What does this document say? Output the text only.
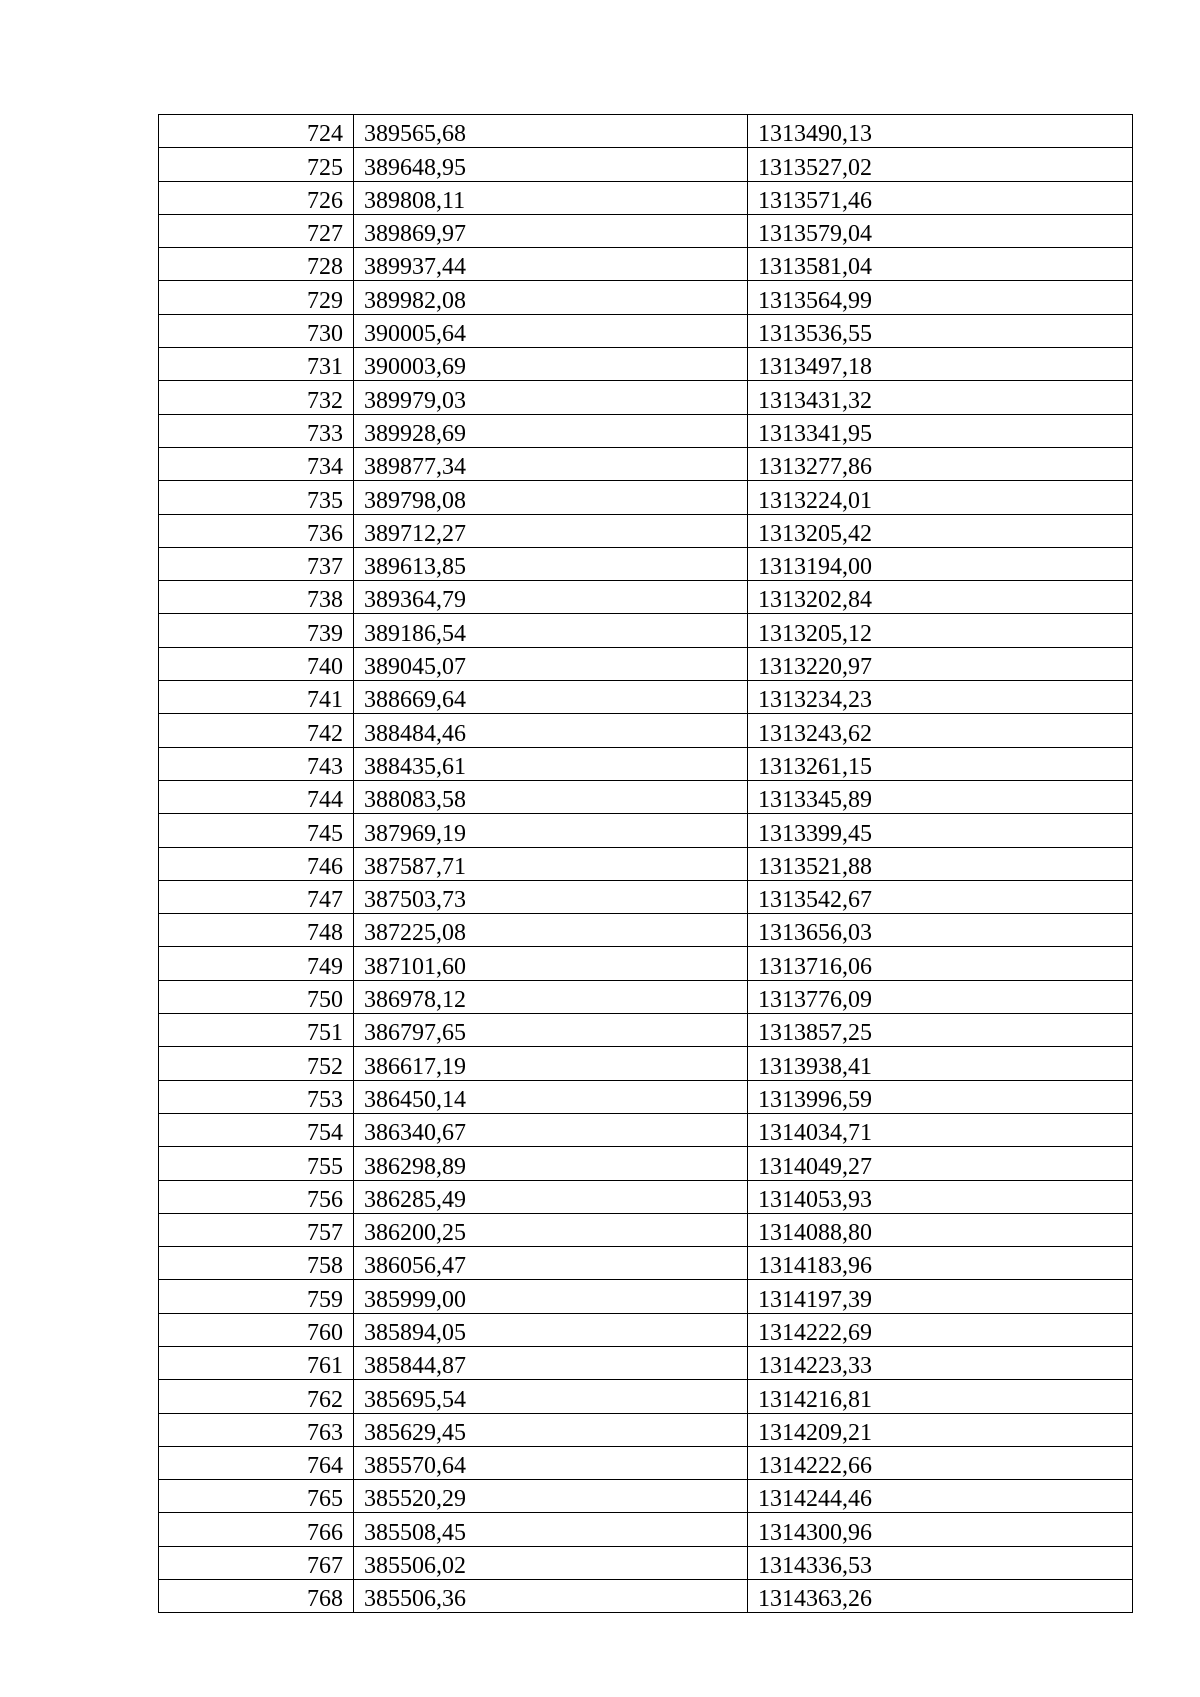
724	389565,68	1313490,13
725	389648,95	1313527,02
726	389808,11	1313571,46
727	389869,97	1313579,04
728	389937,44	1313581,04
729	389982,08	1313564,99
730	390005,64	1313536,55
731	390003,69	1313497,18
732	389979,03	1313431,32
733	389928,69	1313341,95
734	389877,34	1313277,86
735	389798,08	1313224,01
736	389712,27	1313205,42
737	389613,85	1313194,00
738	389364,79	1313202,84
739	389186,54	1313205,12
740	389045,07	1313220,97
741	388669,64	1313234,23
742	388484,46	1313243,62
743	388435,61	1313261,15
744	388083,58	1313345,89
745	387969,19	1313399,45
746	387587,71	1313521,88
747	387503,73	1313542,67
748	387225,08	1313656,03
749	387101,60	1313716,06
750	386978,12	1313776,09
751	386797,65	1313857,25
752	386617,19	1313938,41
753	386450,14	1313996,59
754	386340,67	1314034,71
755	386298,89	1314049,27
756	386285,49	1314053,93
757	386200,25	1314088,80
758	386056,47	1314183,96
759	385999,00	1314197,39
760	385894,05	1314222,69
761	385844,87	1314223,33
762	385695,54	1314216,81
763	385629,45	1314209,21
764	385570,64	1314222,66
765	385520,29	1314244,46
766	385508,45	1314300,96
767	385506,02	1314336,53
768	385506,36	1314363,26
